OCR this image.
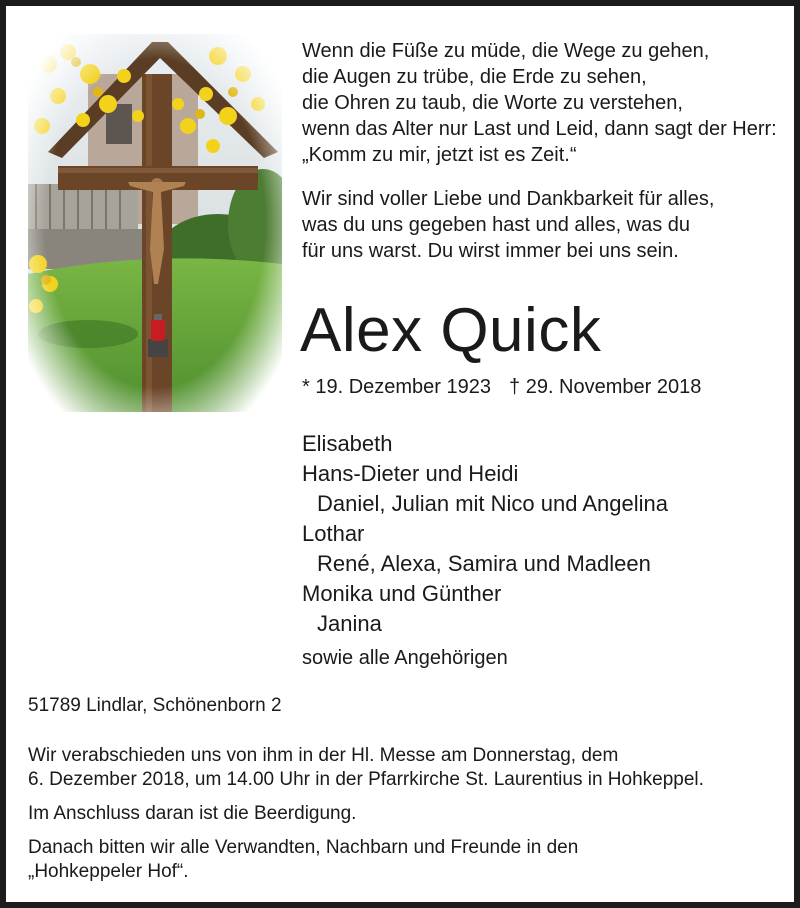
Wenn die Füße zu müde, die Wege zu gehen,

die Augen zu trübe, die Erde zu sehen,

die Ohren zu taub, die Worte zu verstehen,

wenn das Alter nur Last und Leid, dann sagt der Herr:

„Komm zu mir, jetzt ist es Zeit.“

Wir sind voller Liebe und Dankbarkeit für alles,

was du uns gegeben hast und alles, was du

für uns warst. Du wirst immer bei uns sein.

Alex Quick
* 19. Dezember 1923 † 29. November 2018
Elisabeth
Hans-Dieter und Heidi
Daniel, Julian mit Nico und Angelina
Lothar
René, Alexa, Samira und Madleen
Monika und Günther
Janina
sowie alle Angehörigen

51789 Lindlar, Schönenborn 2

Wir verabschieden uns von ihm in der Hl. Messe am Donnerstag, dem

6. Dezember 2018, um 14.00 Uhr in der Pfarrkirche St. Laurentius in Hohkeppel.

Im Anschluss daran ist die Beerdigung.

Danach bitten wir alle Verwandten, Nachbarn und Freunde in den

„Hohkeppeler Hof“.
